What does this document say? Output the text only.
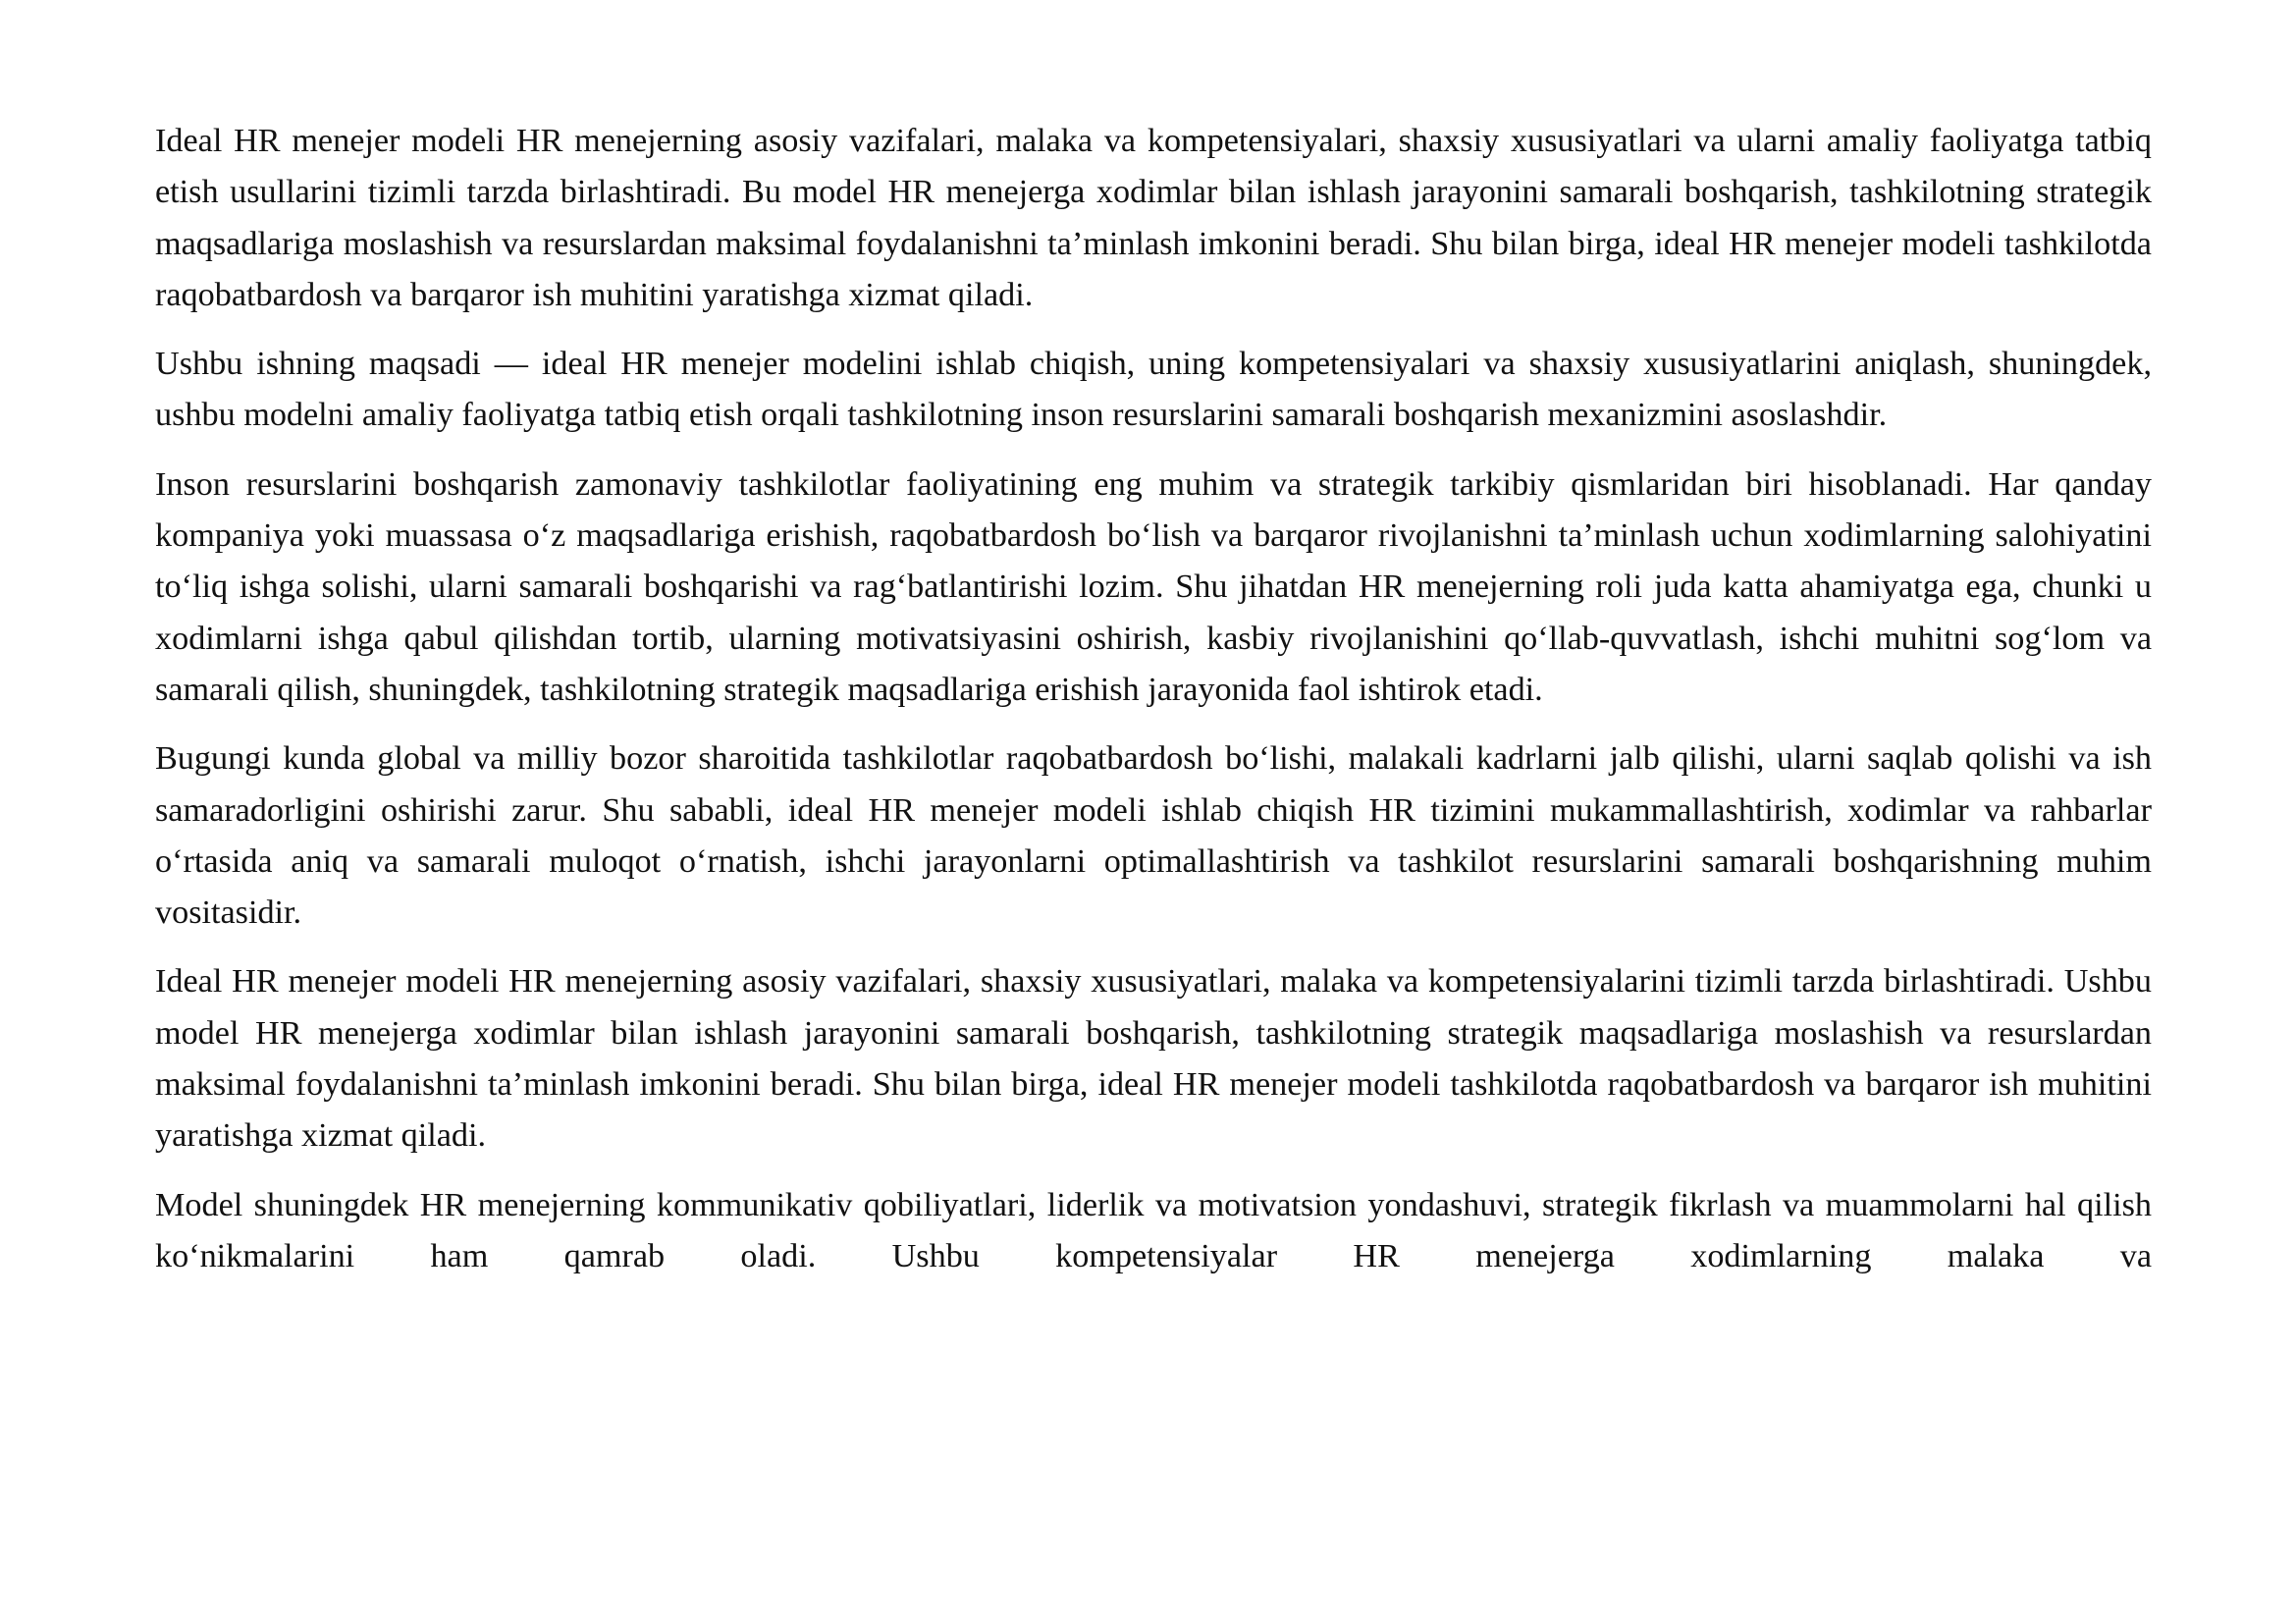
Ideal HR menejer modeli HR menejerning asosiy vazifalari, malaka va kompetensiyalari, shaxsiy xususiyatlari va ularni amaliy faoliyatga tatbiq etish usullarini tizimli tarzda birlashtiradi. Bu model HR menejerga xodimlar bilan ishlash jarayonini samarali boshqarish, tashkilotning strategik maqsadlariga moslashish va resurslardan maksimal foydalanishni ta’minlash imkonini beradi. Shu bilan birga, ideal HR menejer modeli tashkilotda raqobatbardosh va barqaror ish muhitini yaratishga xizmat qiladi.

Ushbu ishning maqsadi — ideal HR menejer modelini ishlab chiqish, uning kompetensiyalari va shaxsiy xususiyatlarini aniqlash, shuningdek, ushbu modelni amaliy faoliyatga tatbiq etish orqali tashkilotning inson resurslarini samarali boshqarish mexanizmini asoslashdir.

Inson resurslarini boshqarish zamonaviy tashkilotlar faoliyatining eng muhim va strategik tarkibiy qismlaridan biri hisoblanadi. Har qanday kompaniya yoki muassasa o‘z maqsadlariga erishish, raqobatbardosh bo‘lish va barqaror rivojlanishni ta’minlash uchun xodimlarning salohiyatini to‘liq ishga solishi, ularni samarali boshqarishi va rag‘batlantirishi lozim. Shu jihatdan HR menejerning roli juda katta ahamiyatga ega, chunki u xodimlarni ishga qabul qilishdan tortib, ularning motivatsiyasini oshirish, kasbiy rivojlanishini qo‘llab-quvvatlash, ishchi muhitni sog‘lom va samarali qilish, shuningdek, tashkilotning strategik maqsadlariga erishish jarayonida faol ishtirok etadi.

Bugungi kunda global va milliy bozor sharoitida tashkilotlar raqobatbardosh bo‘lishi, malakali kadrlarni jalb qilishi, ularni saqlab qolishi va ish samaradorligini oshirishi zarur. Shu sababli, ideal HR menejer modeli ishlab chiqish HR tizimini mukammallashtirish, xodimlar va rahbarlar o‘rtasida aniq va samarali muloqot o‘rnatish, ishchi jarayonlarni optimallashtirish va tashkilot resurslarini samarali boshqarishning muhim vositasidir.

Ideal HR menejer modeli HR menejerning asosiy vazifalari, shaxsiy xususiyatlari, malaka va kompetensiyalarini tizimli tarzda birlashtiradi. Ushbu model HR menejerga xodimlar bilan ishlash jarayonini samarali boshqarish, tashkilotning strategik maqsadlariga moslashish va resurslardan maksimal foydalanishni ta’minlash imkonini beradi. Shu bilan birga, ideal HR menejer modeli tashkilotda raqobatbardosh va barqaror ish muhitini yaratishga xizmat qiladi.

Model shuningdek HR menejerning kommunikativ qobiliyatlari, liderlik va motivatsion yondashuvi, strategik fikrlash va muammolarni hal qilish ko‘nikmalarini ham qamrab oladi. Ushbu kompetensiyalar HR menejerga xodimlarning malaka va
